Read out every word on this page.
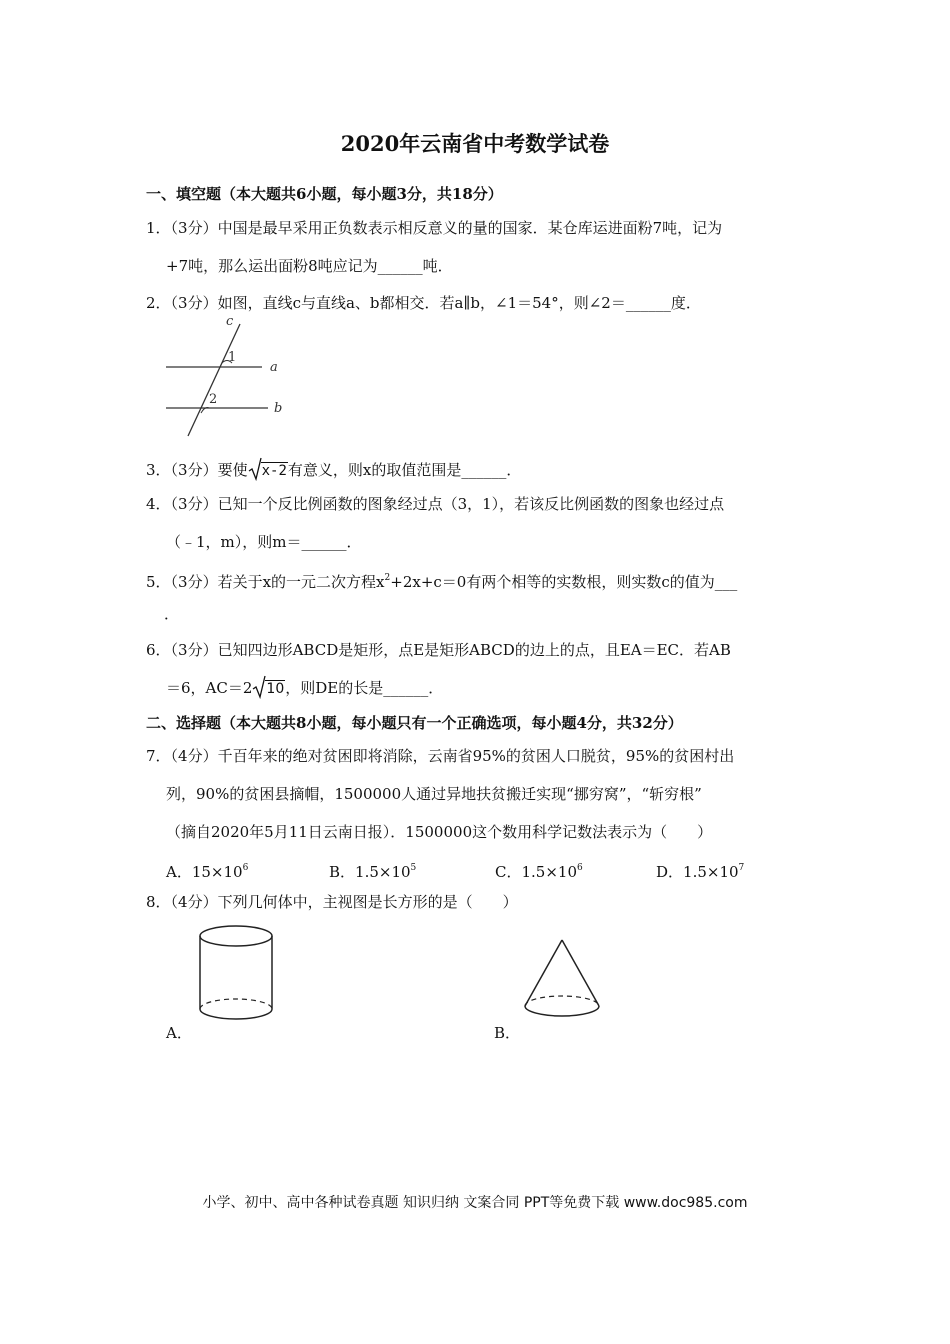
2020年云南省中考数学试卷
一、填空题（本大题共6小题，每小题3分，共18分）
1．（3分）中国是最早采用正负数表示相反意义的量的国家．某仓库运进面粉7吨，记为
+7吨，那么运出面粉8吨应记为______吨．
2．（3分）如图，直线c与直线a、b都相交．若a∥b，∠1＝54°，则∠2＝______度．
c
1
2
a
b
3．（3分）要使 x-2有意义，则x的取值范围是______．
4．（3分）已知一个反比例函数的图象经过点（3，1），若该反比例函数的图象也经过点
（﹣1，m），则m＝______．
5．（3分）若关于x的一元二次方程$x^2+2x+c=0$有两个相等的实数根，则实数c的值为___
．
6．（3分）已知四边形ABCD是矩形，点E是矩形ABCD的边上的点，且EA＝EC．若AB
＝6，AC＝2 10，则DE的长是______．
二、选择题（本大题共8小题，每小题只有一个正确选项，每小题4分，共32分）
7．（4分）千百年来的绝对贫困即将消除，云南省95%的贫困人口脱贫，95%的贫困村出
列，90%的贫困县摘帽，1500000人通过异地扶贫搬迁实现“挪穷窝”，“斩穷根”
（摘自2020年5月11日云南日报）．1500000这个数用科学记数法表示为（　　）
A．$15\times 10^6$	B．$1.5\times 10^5$	C．$1.5\times 10^6$	D．$1.5\times 10^7$
8．（4分）下列几何体中，主视图是长方形的是（　　）
A．	B．
小学、初中、高中各种试卷真题 知识归纳 文案合同 PPT等免费下载 www.doc985.com
